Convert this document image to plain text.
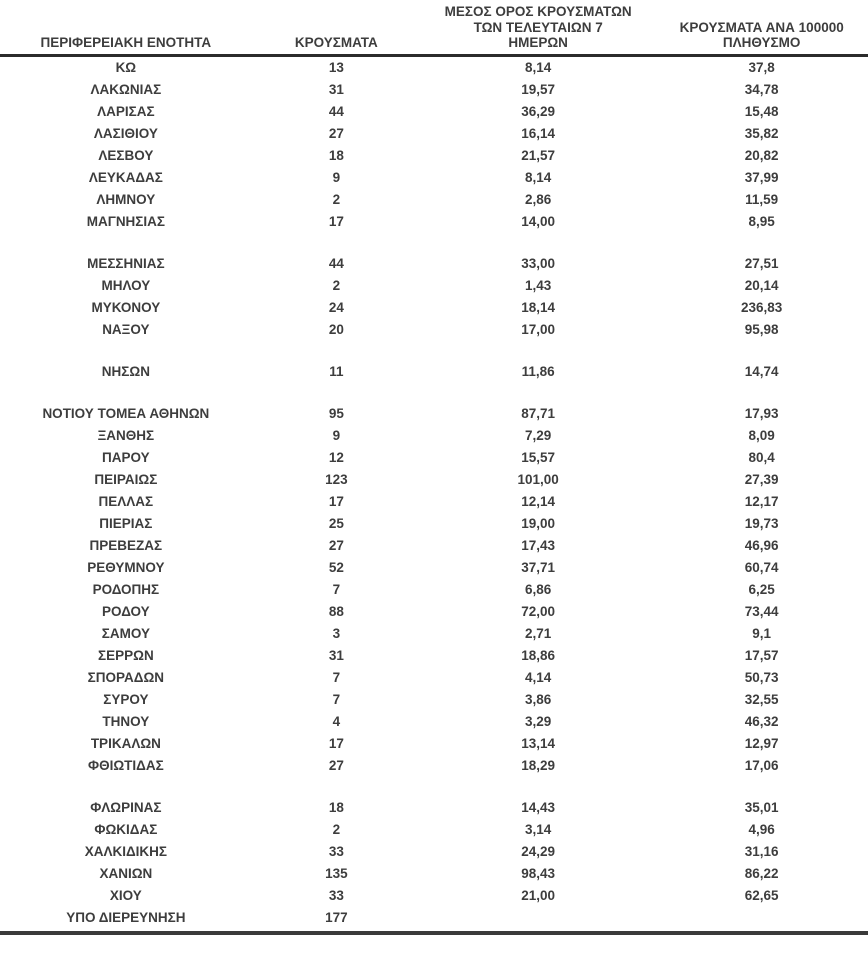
ΠΕΡΙΦΕΡΕΙΑΚΗ ΕΝΟΤΗΤΑ	ΚΡΟΥΣΜΑΤΑ	ΜΕΣΟΣ ΟΡΟΣ ΚΡΟΥΣΜΑΤΩΝ
ΤΩΝ ΤΕΛΕΥΤΑΙΩΝ 7
ΗΜΕΡΩΝ	ΚΡΟΥΣΜΑΤΑ ΑΝΑ 100000
ΠΛΗΘΥΣΜΟ
ΚΩ	13	8,14	37,8
ΛΑΚΩΝΙΑΣ	31	19,57	34,78
ΛΑΡΙΣΑΣ	44	36,29	15,48
ΛΑΣΙΘΙΟΥ	27	16,14	35,82
ΛΕΣΒΟΥ	18	21,57	20,82
ΛΕΥΚΑΔΑΣ	9	8,14	37,99
ΛΗΜΝΟΥ	2	2,86	11,59
ΜΑΓΝΗΣΙΑΣ	17	14,00	8,95

ΜΕΣΣΗΝΙΑΣ	44	33,00	27,51
ΜΗΛΟΥ	2	1,43	20,14
ΜΥΚΟΝΟΥ	24	18,14	236,83
ΝΑΞΟΥ	20	17,00	95,98

ΝΗΣΩΝ	11	11,86	14,74

ΝΟΤΙΟΥ ΤΟΜΕΑ ΑΘΗΝΩΝ	95	87,71	17,93
ΞΑΝΘΗΣ	9	7,29	8,09
ΠΑΡΟΥ	12	15,57	80,4
ΠΕΙΡΑΙΩΣ	123	101,00	27,39
ΠΕΛΛΑΣ	17	12,14	12,17
ΠΙΕΡΙΑΣ	25	19,00	19,73
ΠΡΕΒΕΖΑΣ	27	17,43	46,96
ΡΕΘΥΜΝΟΥ	52	37,71	60,74
ΡΟΔΟΠΗΣ	7	6,86	6,25
ΡΟΔΟΥ	88	72,00	73,44
ΣΑΜΟΥ	3	2,71	9,1
ΣΕΡΡΩΝ	31	18,86	17,57
ΣΠΟΡΑΔΩΝ	7	4,14	50,73
ΣΥΡΟΥ	7	3,86	32,55
ΤΗΝΟΥ	4	3,29	46,32
ΤΡΙΚΑΛΩΝ	17	13,14	12,97
ΦΘΙΩΤΙΔΑΣ	27	18,29	17,06

ΦΛΩΡΙΝΑΣ	18	14,43	35,01
ΦΩΚΙΔΑΣ	2	3,14	4,96
ΧΑΛΚΙΔΙΚΗΣ	33	24,29	31,16
ΧΑΝΙΩΝ	135	98,43	86,22
ΧΙΟΥ	33	21,00	62,65
ΥΠΟ ΔΙΕΡΕΥΝΗΣΗ	177		
